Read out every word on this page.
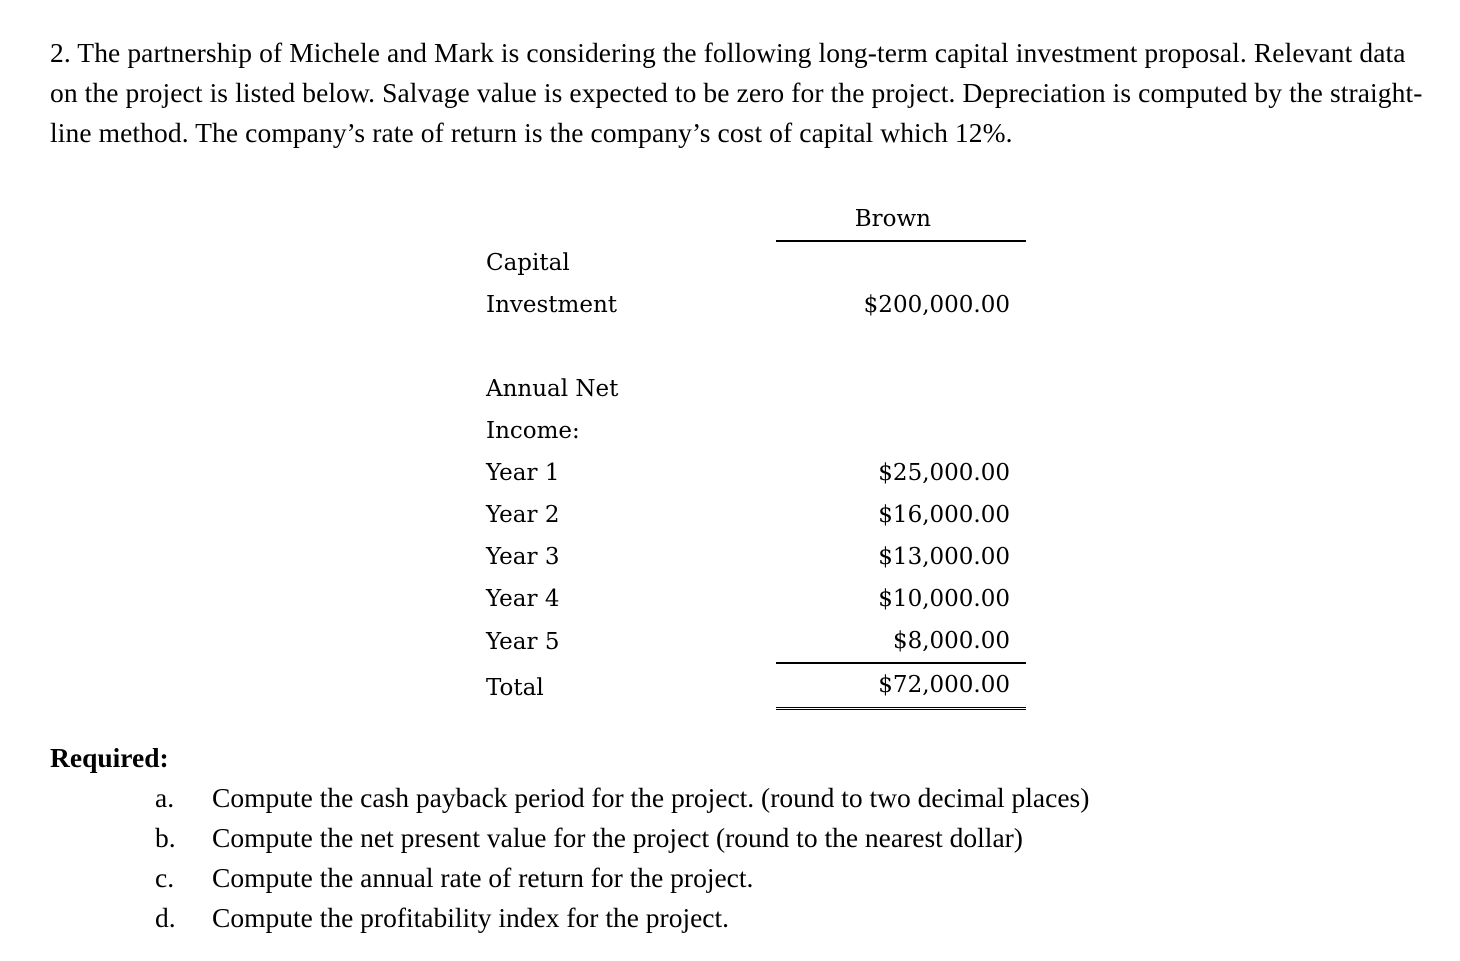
2. The partnership of Michele and Mark is considering the following long-term capital investment proposal. Relevant data on the project is listed below. Salvage value is expected to be zero for the project. Depreciation is computed by the straight-line method. The company’s rate of return is the company’s cost of capital which 12%.
	Brown
Capital	
Investment	$200,000.00

Annual Net	
Income:	
Year 1	$25,000.00
Year 2	$16,000.00
Year 3	$13,000.00
Year 4	$10,000.00
Year 5	$8,000.00
Total	$72,000.00
Required:
a. Compute the cash payback period for the project. (round to two decimal places)
b. Compute the net present value for the project (round to the nearest dollar)
c. Compute the annual rate of return for the project.
d. Compute the profitability index for the project.
